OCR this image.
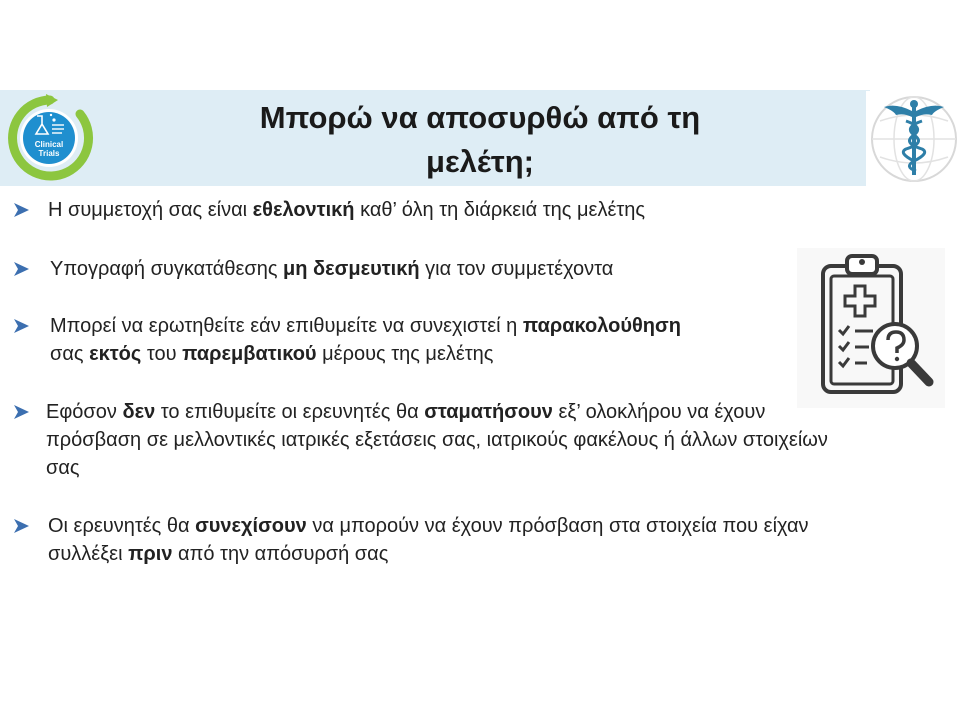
Μπορώ να αποσυρθώ από τη
μελέτη;
Clinical
Trials
Η συμμετοχή σας είναι εθελοντική καθ’ όλη τη διάρκειά της μελέτης
Υπογραφή συγκατάθεσης μη δεσμευτική για τον συμμετέχοντα
Μπορεί να ερωτηθείτε εάν επιθυμείτε να συνεχιστεί η παρακολούθηση
σας εκτός του παρεμβατικού μέρους της μελέτης
Εφόσον δεν το επιθυμείτε οι ερευνητές θα σταματήσουν εξ’ ολοκλήρου να έχουν
πρόσβαση σε μελλοντικές ιατρικές εξετάσεις σας, ιατρικούς φακέλους ή άλλων στοιχείων
σας
Οι ερευνητές θα συνεχίσουν να μπορούν να έχουν πρόσβαση στα στοιχεία που είχαν
συλλέξει πριν από την απόσυρσή σας
